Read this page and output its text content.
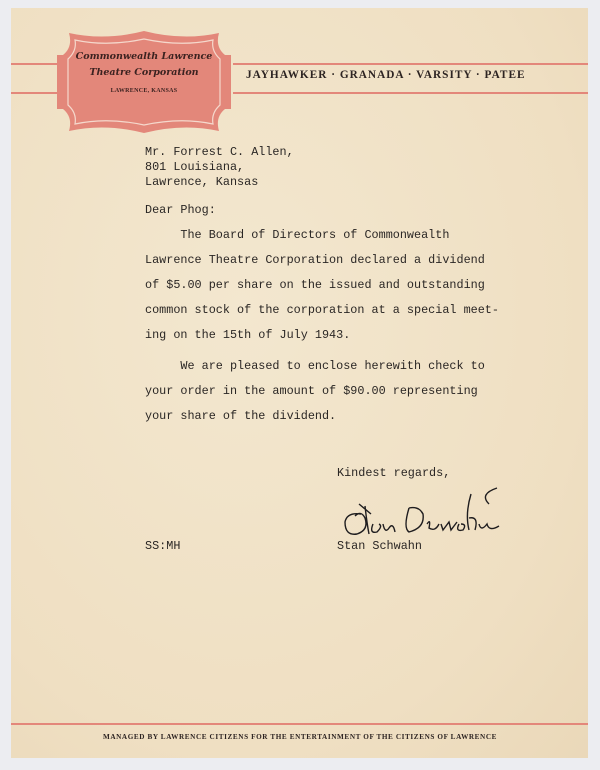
Commonwealth Lawrence
Theatre Corporation
LAWRENCE, KANSAS
JAYHAWKER · GRANADA · VARSITY · PATEE
Mr. Forrest C. Allen,
801 Louisiana,
Lawrence, Kansas
Dear Phog:
The Board of Directors of Commonwealth
Lawrence Theatre Corporation declared a dividend
of $5.00 per share on the issued and outstanding
common stock of the corporation at a special meet-
ing on the 15th of July 1943.
We are pleased to enclose herewith check to
your order in the amount of $90.00 representing
your share of the dividend.
Kindest regards,
SS:MH	Stan Schwahn
MANAGED BY LAWRENCE CITIZENS FOR THE ENTERTAINMENT OF THE CITIZENS OF LAWRENCE
